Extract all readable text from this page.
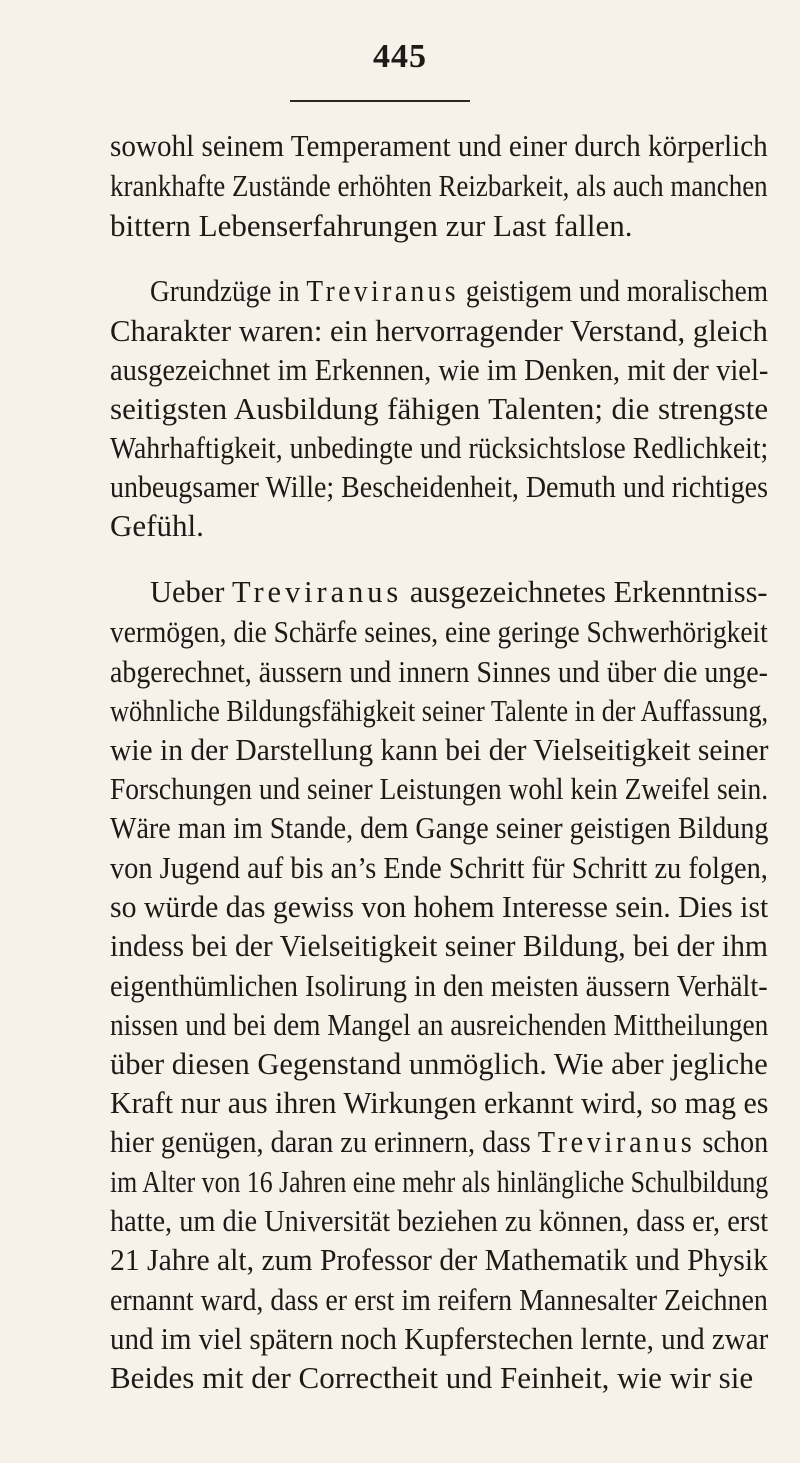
445
sowohl seinem Temperament und einer durch körperlich
krankhafte Zustände erhöhten Reizbarkeit, als auch manchen
bittern Lebenserfahrungen zur Last fallen.
Grundzüge in Treviranus geistigem und moralischem
Charakter waren: ein hervorragender Verstand, gleich
ausgezeichnet im Erkennen, wie im Denken, mit der viel-
seitigsten Ausbildung fähigen Talenten; die strengste
Wahrhaftigkeit, unbedingte und rücksichtslose Redlichkeit;
unbeugsamer Wille; Bescheidenheit, Demuth und richtiges
Gefühl.
Ueber Treviranus ausgezeichnetes Erkenntniss-
vermögen, die Schärfe seines, eine geringe Schwerhörigkeit
abgerechnet, äussern und innern Sinnes und über die unge-
wöhnliche Bildungsfähigkeit seiner Talente in der Auffassung,
wie in der Darstellung kann bei der Vielseitigkeit seiner
Forschungen und seiner Leistungen wohl kein Zweifel sein.
Wäre man im Stande, dem Gange seiner geistigen Bildung
von Jugend auf bis an’s Ende Schritt für Schritt zu folgen,
so würde das gewiss von hohem Interesse sein. Dies ist
indess bei der Vielseitigkeit seiner Bildung, bei der ihm
eigenthümlichen Isolirung in den meisten äussern Verhält-
nissen und bei dem Mangel an ausreichenden Mittheilungen
über diesen Gegenstand unmöglich. Wie aber jegliche
Kraft nur aus ihren Wirkungen erkannt wird, so mag es
hier genügen, daran zu erinnern, dass Treviranus schon
im Alter von 16 Jahren eine mehr als hinlängliche Schulbildung
hatte, um die Universität beziehen zu können, dass er, erst
21 Jahre alt, zum Professor der Mathematik und Physik
ernannt ward, dass er erst im reifern Mannesalter Zeichnen
und im viel spätern noch Kupferstechen lernte, und zwar
Beides mit der Correctheit und Feinheit, wie wir sie
